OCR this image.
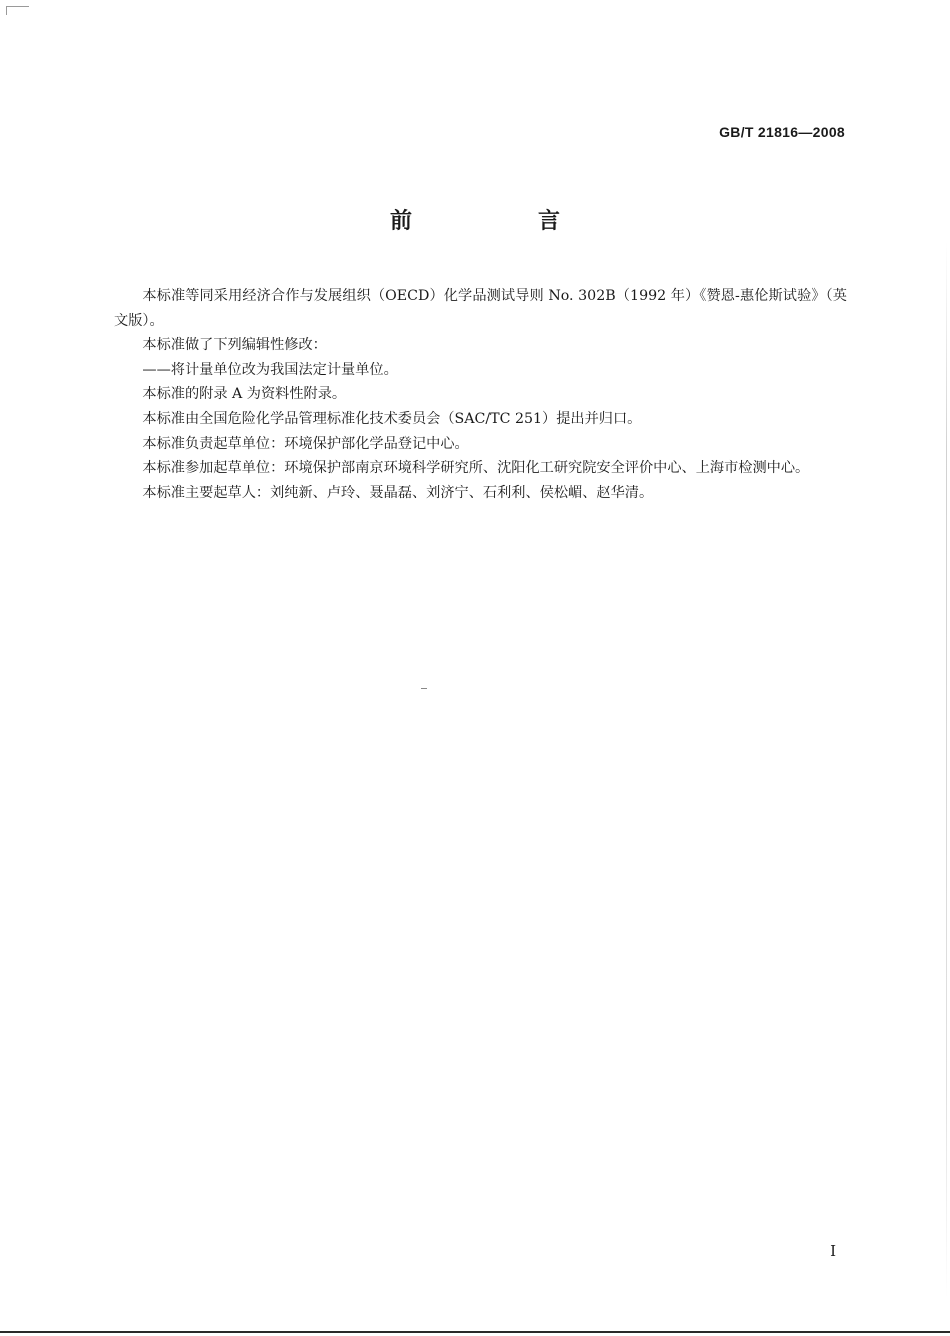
GB/T 21816—2008
前　言

本标准等同采用经济合作与发展组织（OECD）化学品测试导则 No. 302B（1992 年）《赞恩-惠伦斯试验》（英文版）。

本标准做了下列编辑性修改：

——将计量单位改为我国法定计量单位。

本标准的附录 A 为资料性附录。

本标准由全国危险化学品管理标准化技术委员会（SAC/TC 251）提出并归口。

本标准负责起草单位：环境保护部化学品登记中心。

本标准参加起草单位：环境保护部南京环境科学研究所、沈阳化工研究院安全评价中心、上海市检测中心。

本标准主要起草人：刘纯新、卢玲、聂晶磊、刘济宁、石利利、侯松嵋、赵华清。

I
